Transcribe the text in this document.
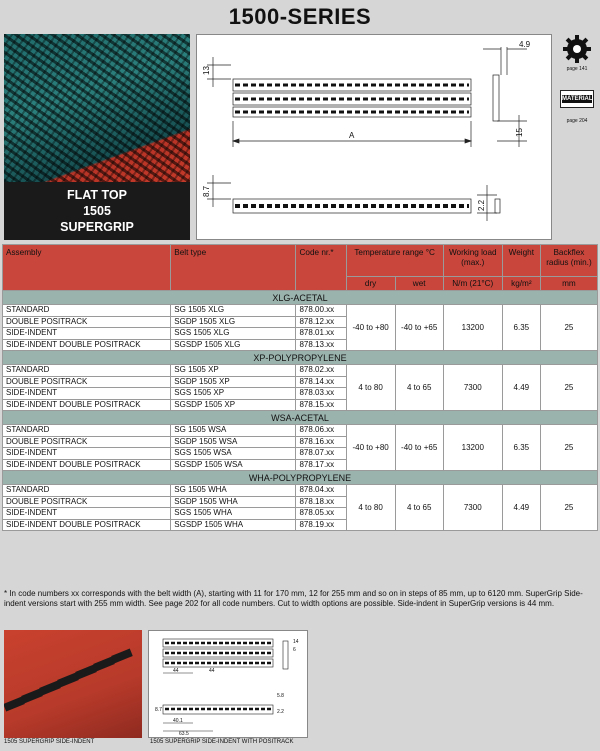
1500-SERIES
FLAT TOP
1505
SUPERGRIP
13
4.9
A	15
8.7
2.2
page 141
MATERIAL
page 204
Assembly	Belt type	Code nr.*	Temperature range °C		Working load (max.)	Weight	Backflex radius (min.)
			dry	wet	N/m (21°C)	kg/m²	mm
XLG-ACETAL							
STANDARD	SG 1505 XLG	878.00.xx	-40 to +80	-40 to +65	13200	6.35	25
DOUBLE POSITRACK	SGDP 1505 XLG	878.12.xx					
SIDE-INDENT	SGS 1505 XLG	878.01.xx					
SIDE-INDENT DOUBLE POSITRACK	SGSDP 1505 XLG	878.13.xx					
XP-POLYPROPYLENE							
STANDARD	SG 1505 XP	878.02.xx	4 to 80	4 to 65	7300	4.49	25
DOUBLE POSITRACK	SGDP 1505 XP	878.14.xx					
SIDE-INDENT	SGS 1505 XP	878.03.xx					
SIDE-INDENT DOUBLE POSITRACK	SGSDP 1505 XP	878.15.xx					
WSA-ACETAL							
STANDARD	SG 1505 WSA	878.06.xx	-40 to +80	-40 to +65	13200	6.35	25
DOUBLE POSITRACK	SGDP 1505 WSA	878.16.xx					
SIDE-INDENT	SGS 1505 WSA	878.07.xx					
SIDE-INDENT DOUBLE POSITRACK	SGSDP 1505 WSA	878.17.xx					
WHA-POLYPROPYLENE							
STANDARD	SG 1505 WHA	878.04.xx	4 to 80	4 to 65	7300	4.49	25
DOUBLE POSITRACK	SGDP 1505 WHA	878.18.xx					
SIDE-INDENT	SGS 1505 WHA	878.05.xx					
SIDE-INDENT DOUBLE POSITRACK	SGSDP 1505 WHA	878.19.xx					
* In code numbers xx corresponds with the belt width (A), starting with 11 for 170 mm, 12 for 255 mm and so on in steps of 85 mm, up to 6120 mm. SuperGrip Side-indent versions start with 255 mm width. See page 202 for all code numbers. Cut to width options are possible. Side-indent in SuperGrip versions is 44 mm.
44
40.1
63.5
14
6
8.7
5.8
2.2
44
1505 SUPERGRIP SIDE-INDENT	1505 SUPERGRIP SIDE-INDENT WITH POSITRACK
